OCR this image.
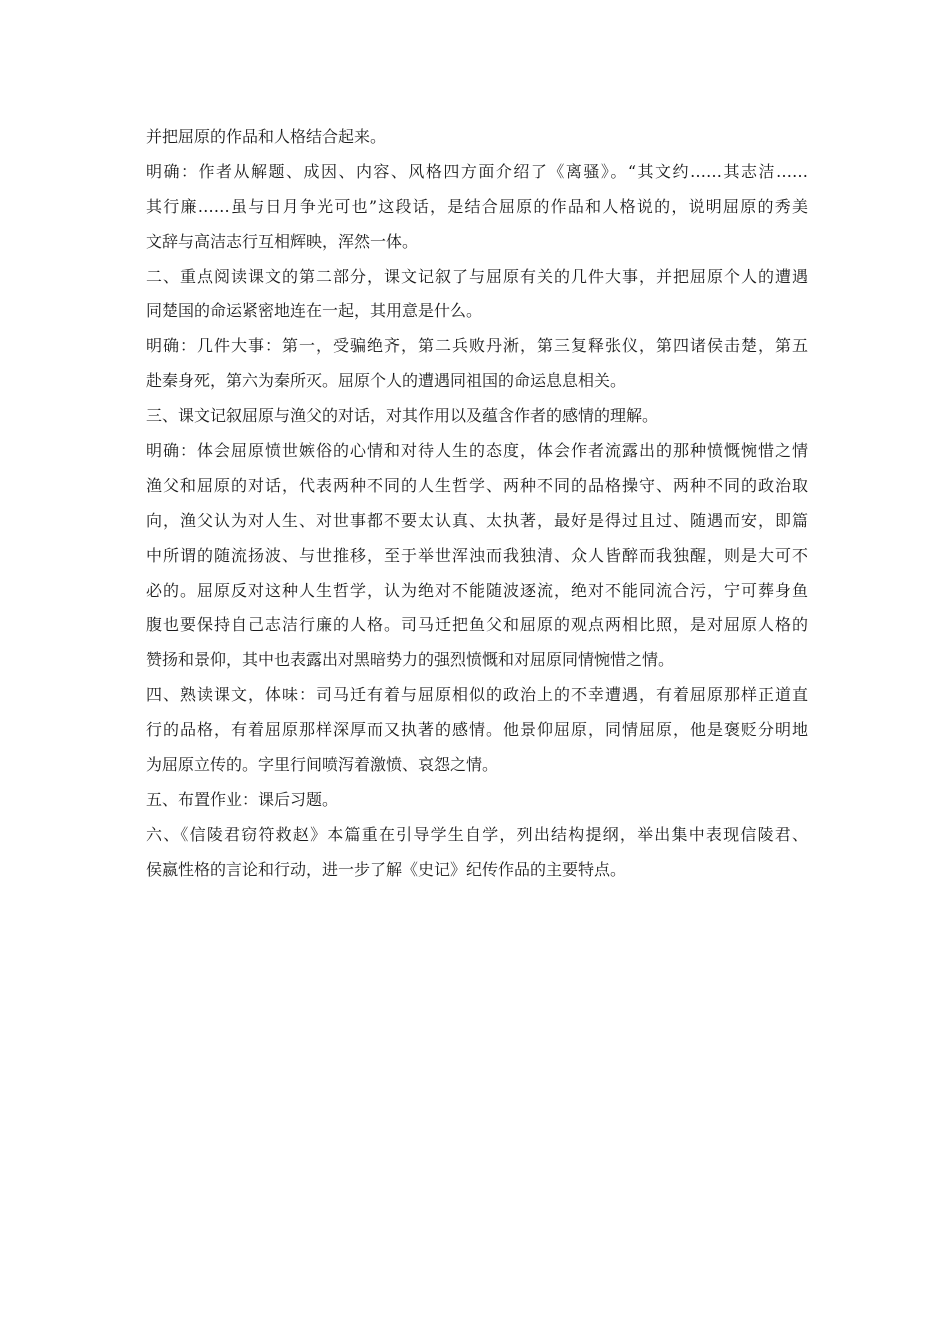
并把屈原的作品和人格结合起来。
明确：作者从解题、成因、内容、风格四方面介绍了《离骚》。“其文约……其志洁……
其行廉……虽与日月争光可也”这段话，是结合屈原的作品和人格说的，说明屈原的秀美
文辞与高洁志行互相辉映，浑然一体。
二、重点阅读课文的第二部分，课文记叙了与屈原有关的几件大事，并把屈原个人的遭遇
同楚国的命运紧密地连在一起，其用意是什么。
明确：几件大事：第一，受骗绝齐，第二兵败丹淅，第三复释张仪，第四诸侯击楚，第五
赴秦身死，第六为秦所灭。屈原个人的遭遇同祖国的命运息息相关。
三、课文记叙屈原与渔父的对话，对其作用以及蕴含作者的感情的理解。
明确：体会屈原愤世嫉俗的心情和对待人生的态度，体会作者流露出的那种愤慨惋惜之情
渔父和屈原的对话，代表两种不同的人生哲学、两种不同的品格操守、两种不同的政治取
向，渔父认为对人生、对世事都不要太认真、太执著，最好是得过且过、随遇而安，即篇
中所谓的随流扬波、与世推移，至于举世浑浊而我独清、众人皆醉而我独醒，则是大可不
必的。屈原反对这种人生哲学，认为绝对不能随波逐流，绝对不能同流合污，宁可葬身鱼
腹也要保持自己志洁行廉的人格。司马迁把鱼父和屈原的观点两相比照，是对屈原人格的
赞扬和景仰，其中也表露出对黑暗势力的强烈愤慨和对屈原同情惋惜之情。
四、熟读课文，体味：司马迁有着与屈原相似的政治上的不幸遭遇，有着屈原那样正道直
行的品格，有着屈原那样深厚而又执著的感情。他景仰屈原，同情屈原，他是褒贬分明地
为屈原立传的。字里行间喷泻着激愤、哀怨之情。
五、布置作业：课后习题。
六、《信陵君窃符救赵》本篇重在引导学生自学，列出结构提纲，举出集中表现信陵君、
侯嬴性格的言论和行动，进一步了解《史记》纪传作品的主要特点。
